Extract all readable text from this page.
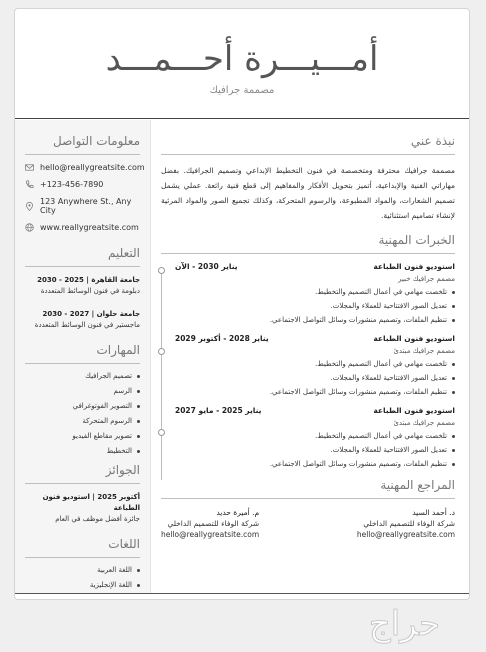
أمـــيـــرة أحـــمـــد
مصممة جرافيك
معلومات التواصل
hello@reallygreatsite.com
+123-456-7890
123 Anywhere St., Any City
www.reallygreatsite.com
التعليم
جامعة القاهرة | 2025 - 2030
دبلومة في فنون الوسائط المتعددة
جامعة حلوان | 2027 - 2030
ماجستير في فنون الوسائط المتعددة
المهارات
تصميم الجرافيك
الرسم
التصوير الفوتوغرافي
الرسوم المتحركة
تصوير مقاطع الفيديو
التخطيط
الجوائز
أكتوبر 2025 | استوديو فنون الطباعة
جائزة أفضل موظف في العام
اللغات
اللغة العربية
اللغة الإنجليزية
نبذة عني
مصممة جرافيك محترفة ومتخصصة في فنون التخطيط الإبداعي وتصميم الجرافيك. بفضل مهاراتي الفنية والإبداعية، أتميز بتحويل الأفكار والمفاهيم إلى قطع فنية رائعة. عملي يشمل تصميم الشعارات، والمواد المطبوعة، والرسوم المتحركة، وكذلك تجميع الصور والمواد المرئية لإنشاء تصاميم استثنائية.
الخبرات المهنية
استوديو فنون الطباعة
يناير 2030 - الآن
مصمم جرافيك خبير
تلخصت مهامي في أعمال التصميم والتخطيط.
تعديل الصور الافتتاحية للعملاء والمجلات.
تنظيم الملفات، وتصميم منشورات وسائل التواصل الاجتماعي.
استوديو فنون الطباعة
يناير 2028 - أكتوبر 2029
مصمم جرافيك مبتدئ
تلخصت مهامي في أعمال التصميم والتخطيط.
تعديل الصور الافتتاحية للعملاء والمجلات.
تنظيم الملفات، وتصميم منشورات وسائل التواصل الاجتماعي.
استوديو فنون الطباعة
يناير 2025 - مايو 2027
مصمم جرافيك مبتدئ
تلخصت مهامي في أعمال التصميم والتخطيط.
تعديل الصور الافتتاحية للعملاء والمجلات.
تنظيم الملفات، وتصميم منشورات وسائل التواصل الاجتماعي.
المراجع المهنية
د. أحمد السيد
شركة الوفاء للتصميم الداخلي
hello@reallygreatsite.com
م. أميرة حديد
شركة الوفاء للتصميم الداخلي
hello@reallygreatsite.com
حراج
